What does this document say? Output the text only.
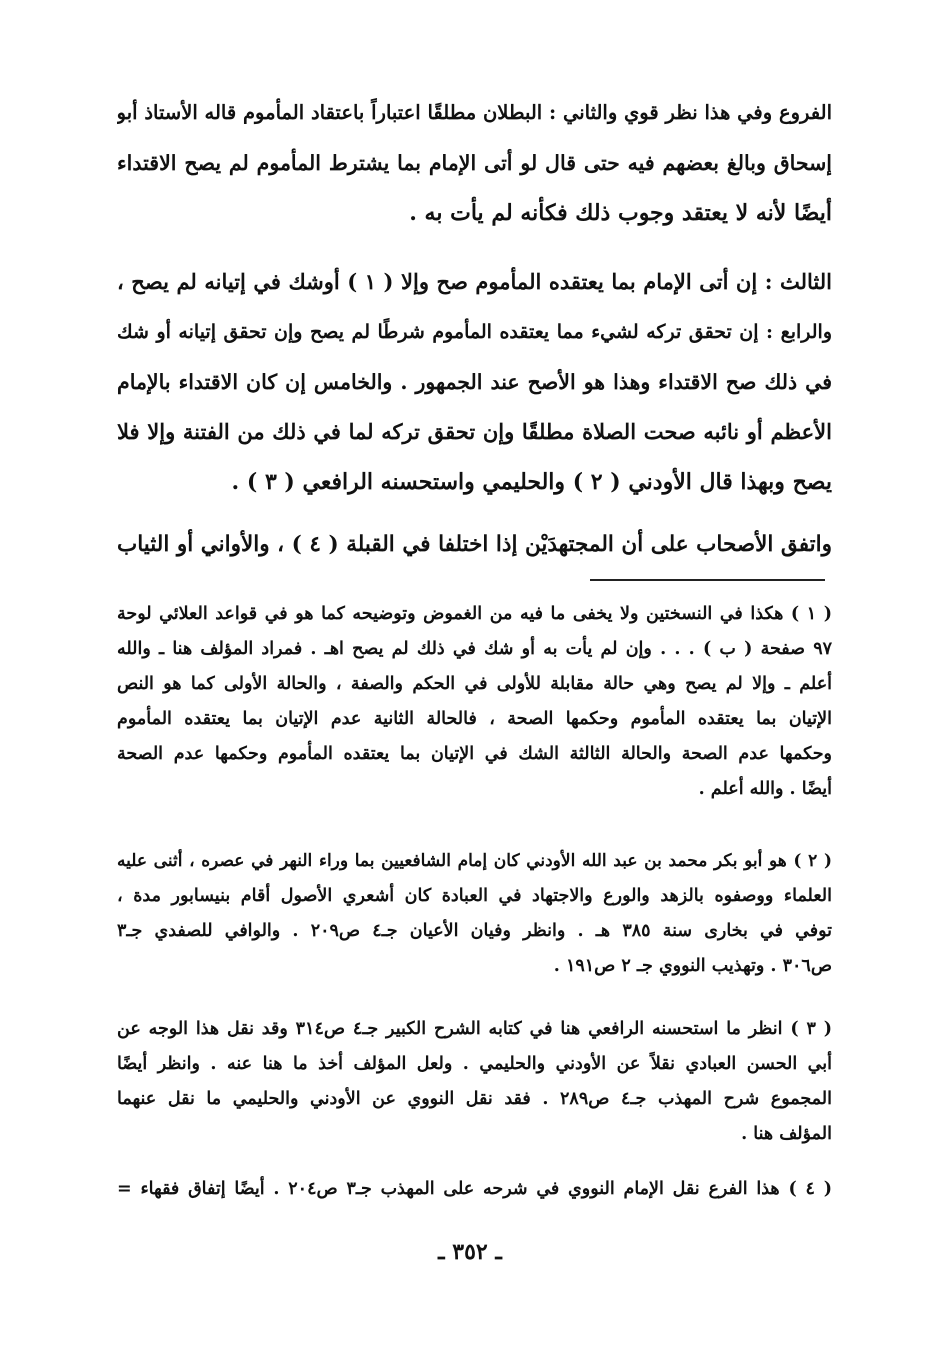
الفروع وفي هذا نظر قوي والثاني : البطلان مطلقًا اعتباراً باعتقاد المأموم قاله الأستاذ أبو
إسحاق وبالغ بعضهم فيه حتى قال لو أتى الإمام بما يشترط المأموم لم يصح الاقتداء
أيضًا لأنه لا يعتقد وجوب ذلك فكأنه لم يأت به .
الثالث : إن أتى الإمام بما يعتقده المأموم صح وإلا ( ١ ) أوشك في إتيانه لم يصح ،
والرابع : إن تحقق تركه لشيء مما يعتقده المأموم شرطًا لم يصح وإن تحقق إتيانه أو شك
في ذلك صح الاقتداء وهذا هو الأصح عند الجمهور . والخامس إن كان الاقتداء بالإمام
الأعظم أو نائبه صحت الصلاة مطلقًا وإن تحقق تركه لما في ذلك من الفتنة وإلا فلا
يصح وبهذا قال الأودني ( ٢ ) والحليمي واستحسنه الرافعي ( ٣ ) .
واتفق الأصحاب على أن المجتهدَيْن إذا اختلفا في القبلة ( ٤ ) ، والأواني أو الثياب
( ١ ) هكذا في النسختين ولا يخفى ما فيه من الغموض وتوضيحه كما هو في قواعد العلائي لوحة
٩٧ صفحة ( ب ) . . . وإن لم يأت به أو شك في ذلك لم يصح اهـ . فمراد المؤلف هنا ـ والله
أعلم ـ وإلا لم يصح وهي حالة مقابلة للأولى في الحكم والصفة ، والحالة الأولى كما هو النص
الإتيان بما يعتقده المأموم وحكمها الصحة ، فالحالة الثانية عدم الإتيان بما يعتقده المأموم
وحكمها عدم الصحة والحالة الثالثة الشك في الإتيان بما يعتقده المأموم وحكمها عدم الصحة
أيضًا . والله أعلم .
( ٢ ) هو أبو بكر محمد بن عبد الله الأودني كان إمام الشافعيين بما وراء النهر في عصره ، أثنى عليه
العلماء ووصفوه بالزهد والورع والاجتهاد في العبادة كان أشعري الأصول أقام بنيسابور مدة ،
توفي في بخارى سنة ٣٨٥ هـ . وانظر وفيان الأعيان جـ٤ ص٢٠٩ . والوافي للصفدي جـ٣
ص٣٠٦ . وتهذيب النووي جـ ٢ ص١٩١ .
( ٣ ) انظر ما استحسنه الرافعي هنا في كتابه الشرح الكبير جـ٤ ص٣١٤ وقد نقل هذا الوجه عن
أبي الحسن العبادي نقلاً عن الأودني والحليمي . ولعل المؤلف أخذ ما هنا عنه . وانظر أيضًا
المجموع شرح المهذب جـ٤ ص٢٨٩ . فقد نقل النووي عن الأودني والحليمي ما نقل عنهما
المؤلف هنا .
( ٤ ) هذا الفرع نقل الإمام النووي في شرحه على المهذب جـ٣ ص٢٠٤ . أيضًا إتفاق فقهاء =
ـ ٣٥٢ ـ
